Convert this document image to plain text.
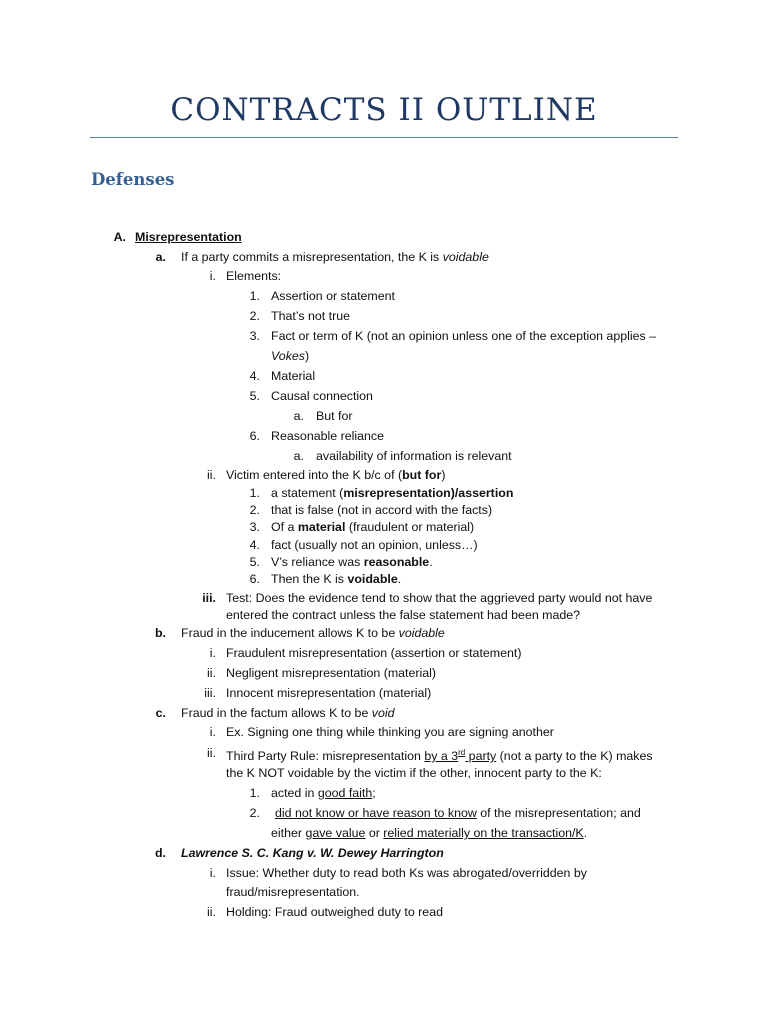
CONTRACTS II OUTLINE
Defenses
A. Misrepresentation
a. If a party commits a misrepresentation, the K is voidable
i. Elements:
1. Assertion or statement
2. That’s not true
3. Fact or term of K (not an opinion unless one of the exception applies –
Vokes)
4. Material
5. Causal connection
a. But for
6. Reasonable reliance
a. availability of information is relevant
ii. Victim entered into the K b/c of (but for)
1. a statement (misrepresentation)/assertion
2. that is false (not in accord with the facts)
3. Of a material (fraudulent or material)
4. fact (usually not an opinion, unless…)
5. V’s reliance was reasonable.
6. Then the K is voidable.
iii. Test: Does the evidence tend to show that the aggrieved party would not have
entered the contract unless the false statement had been made?
b. Fraud in the inducement allows K to be voidable
i. Fraudulent misrepresentation (assertion or statement)
ii. Negligent misrepresentation (material)
iii. Innocent misrepresentation (material)
c. Fraud in the factum allows K to be void
i. Ex. Signing one thing while thinking you are signing another
ii. Third Party Rule: misrepresentation by a 3rd party (not a party to the K) makes
the K NOT voidable by the victim if the other, innocent party to the K:
1. acted in good faith;
2. did not know or have reason to know of the misrepresentation; and
either gave value or relied materially on the transaction/K.
d. Lawrence S. C. Kang v. W. Dewey Harrington
i. Issue: Whether duty to read both Ks was abrogated/overridden by
fraud/misrepresentation.
ii. Holding: Fraud outweighed duty to read
